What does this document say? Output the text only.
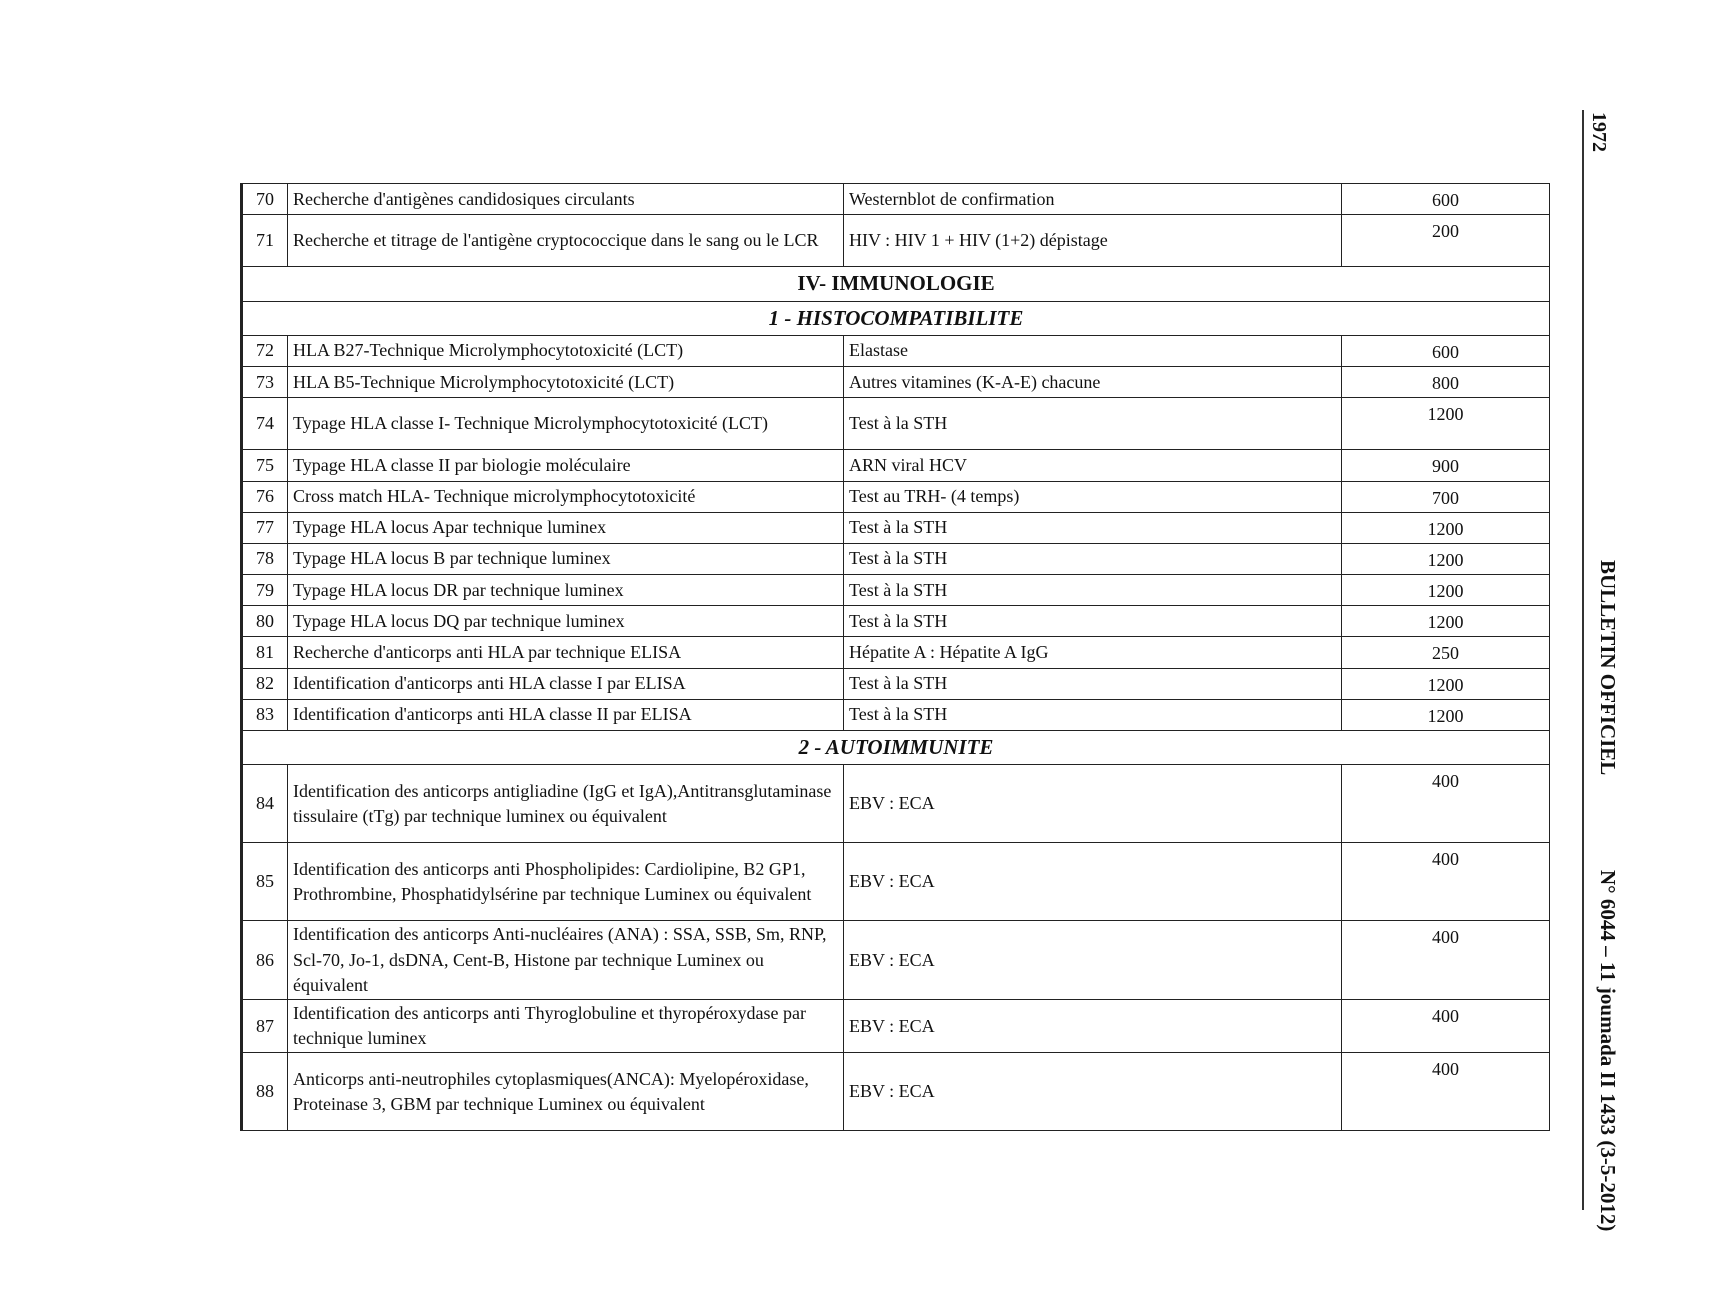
1972
BULLETIN OFFICIEL
N° 6044 – 11 joumada II 1433 (3-5-2012)
70	Recherche d'antigènes candidosiques circulants	Westernblot de confirmation	600
71	Recherche et titrage de l'antigène cryptococcique dans le sang ou le LCR	HIV : HIV 1 + HIV (1+2) dépistage	200
IV- IMMUNOLOGIE			
1 - HISTOCOMPATIBILITE			
72	HLA B27-Technique Microlymphocytotoxicité (LCT)	Elastase	600
73	HLA B5-Technique Microlymphocytotoxicité (LCT)	Autres vitamines (K-A-E) chacune	800
74	Typage HLA classe I- Technique Microlymphocytotoxicité (LCT)	Test à la STH	1200
75	Typage HLA classe II par biologie moléculaire	ARN viral HCV	900
76	Cross match HLA- Technique microlymphocytotoxicité	Test au TRH- (4 temps)	700
77	Typage HLA locus Apar technique luminex	Test à la STH	1200
78	Typage HLA locus B par technique luminex	Test à la STH	1200
79	Typage HLA locus DR par technique luminex	Test à la STH	1200
80	Typage HLA locus DQ par technique luminex	Test à la STH	1200
81	Recherche d'anticorps anti HLA par technique ELISA	Hépatite A : Hépatite A IgG	250
82	Identification d'anticorps anti HLA classe I par ELISA	Test à la STH	1200
83	Identification d'anticorps anti HLA classe II par ELISA	Test à la STH	1200
2 - AUTOIMMUNITE			
84	Identification des anticorps antigliadine (IgG et IgA),Antitransglutaminase tissulaire (tTg) par technique luminex ou équivalent	EBV : ECA	400
85	Identification des anticorps anti Phospholipides: Cardiolipine, B2 GP1, Prothrombine, Phosphatidylsérine par technique Luminex ou équivalent	EBV : ECA	400
86	Identification des anticorps Anti-nucléaires (ANA) : SSA, SSB, Sm, RNP, Scl-70, Jo-1, dsDNA, Cent-B, Histone par technique Luminex ou équivalent	EBV : ECA	400
87	Identification des anticorps anti Thyroglobuline et thyropéroxydase par technique luminex	EBV : ECA	400
88	Anticorps anti-neutrophiles cytoplasmiques(ANCA): Myelopéroxidase, Proteinase 3, GBM par technique Luminex ou équivalent	EBV : ECA	400
